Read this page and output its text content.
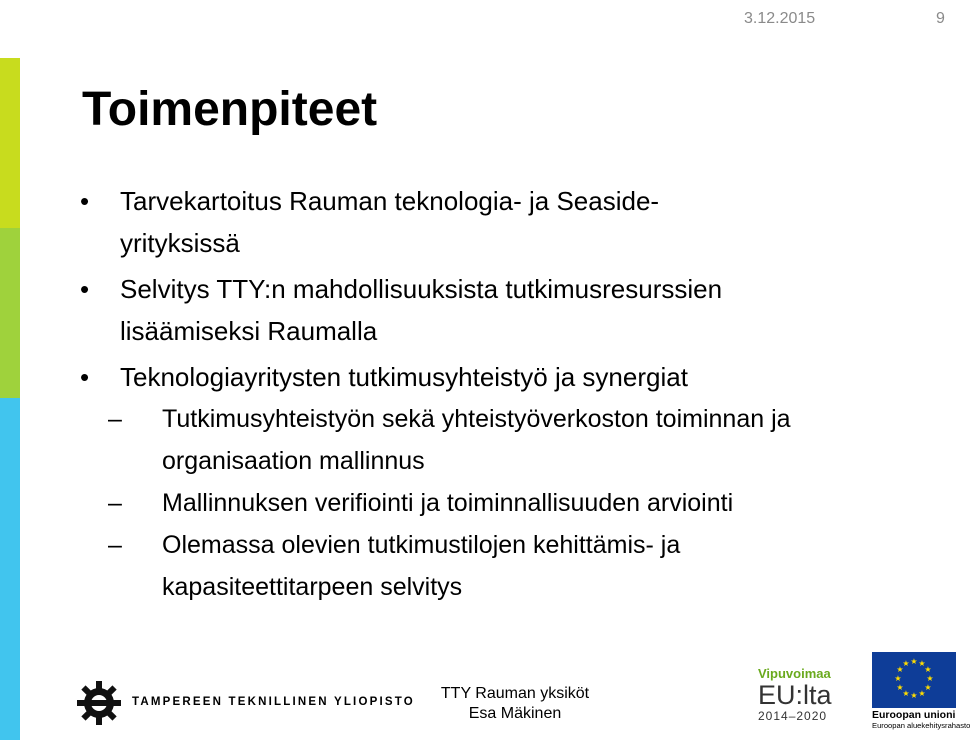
3.12.2015	9
Toimenpiteet
• Tarvekartoitus Rauman teknologia- ja Seaside-
yrityksissä
• Selvitys TTY:n mahdollisuuksista tutkimusresurssien
lisäämiseksi Raumalla
• Teknologiayritysten tutkimusyhteistyö ja synergiat
– Tutkimusyhteistyön sekä yhteistyöverkoston toiminnan ja
organisaation mallinnus
– Mallinnuksen verifiointi ja toiminnallisuuden arviointi
– Olemassa olevien tutkimustilojen kehittämis- ja
kapasiteettitarpeen selvitys
TAMPEREEN TEKNILLINEN YLIOPISTO	TTY Rauman yksiköt
Esa Mäkinen
Vipuvoimaa
EU:lta
2014–2020
★ ★
★
★
★
★
★
★
★
★
★
★
Euroopan unioni
Euroopan aluekehitysrahasto
